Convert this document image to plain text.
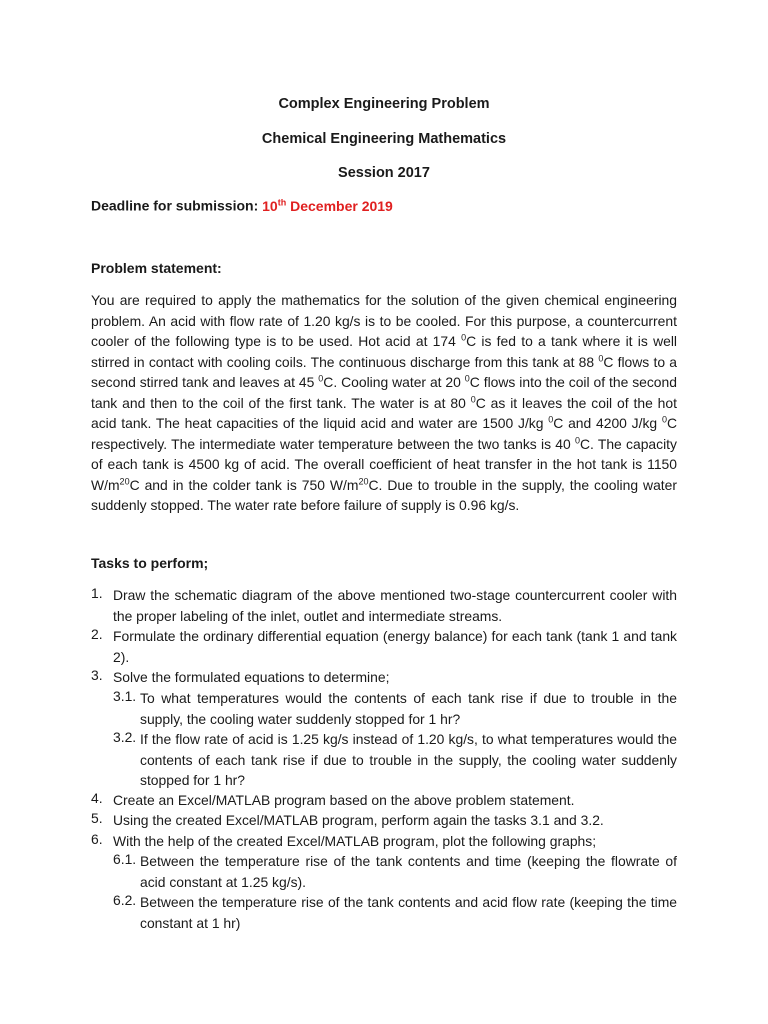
Complex Engineering Problem
Chemical Engineering Mathematics
Session 2017
Deadline for submission: 10th December 2019
Problem statement:
You are required to apply the mathematics for the solution of the given chemical engineering problem. An acid with flow rate of 1.20 kg/s is to be cooled. For this purpose, a countercurrent cooler of the following type is to be used. Hot acid at 174 $^0$C is fed to a tank where it is well stirred in contact with cooling coils. The continuous discharge from this tank at 88 $^0$C flows to a second stirred tank and leaves at 45 $^0$C. Cooling water at 20 $^0$C flows into the coil of the second tank and then to the coil of the first tank. The water is at 80 $^0$C as it leaves the coil of the hot acid tank. The heat capacities of the liquid acid and water are 1500 J/kg $^0$C and 4200 J/kg $^0$C respectively. The intermediate water temperature between the two tanks is 40 $^0$C. The capacity of each tank is 4500 kg of acid. The overall coefficient of heat transfer in the hot tank is 1150 $W/m^{20}C$ and in the colder tank is 750 $W/m^{20}C$. Due to trouble in the supply, the cooling water suddenly stopped. The water rate before failure of supply is 0.96 kg/s.
Tasks to perform;
1. Draw the schematic diagram of the above mentioned two-stage countercurrent cooler with the proper labeling of the inlet, outlet and intermediate streams.
2. Formulate the ordinary differential equation (energy balance) for each tank (tank 1 and tank 2).
3. Solve the formulated equations to determine;
3.1. To what temperatures would the contents of each tank rise if due to trouble in the supply, the cooling water suddenly stopped for 1 hr?
3.2. If the flow rate of acid is 1.25 kg/s instead of 1.20 kg/s, to what temperatures would the contents of each tank rise if due to trouble in the supply, the cooling water suddenly stopped for 1 hr?
4. Create an Excel/MATLAB program based on the above problem statement.
5. Using the created Excel/MATLAB program, perform again the tasks 3.1 and 3.2.
6. With the help of the created Excel/MATLAB program, plot the following graphs;
6.1. Between the temperature rise of the tank contents and time (keeping the flowrate of acid constant at 1.25 kg/s).
6.2. Between the temperature rise of the tank contents and acid flow rate (keeping the time constant at 1 hr)
